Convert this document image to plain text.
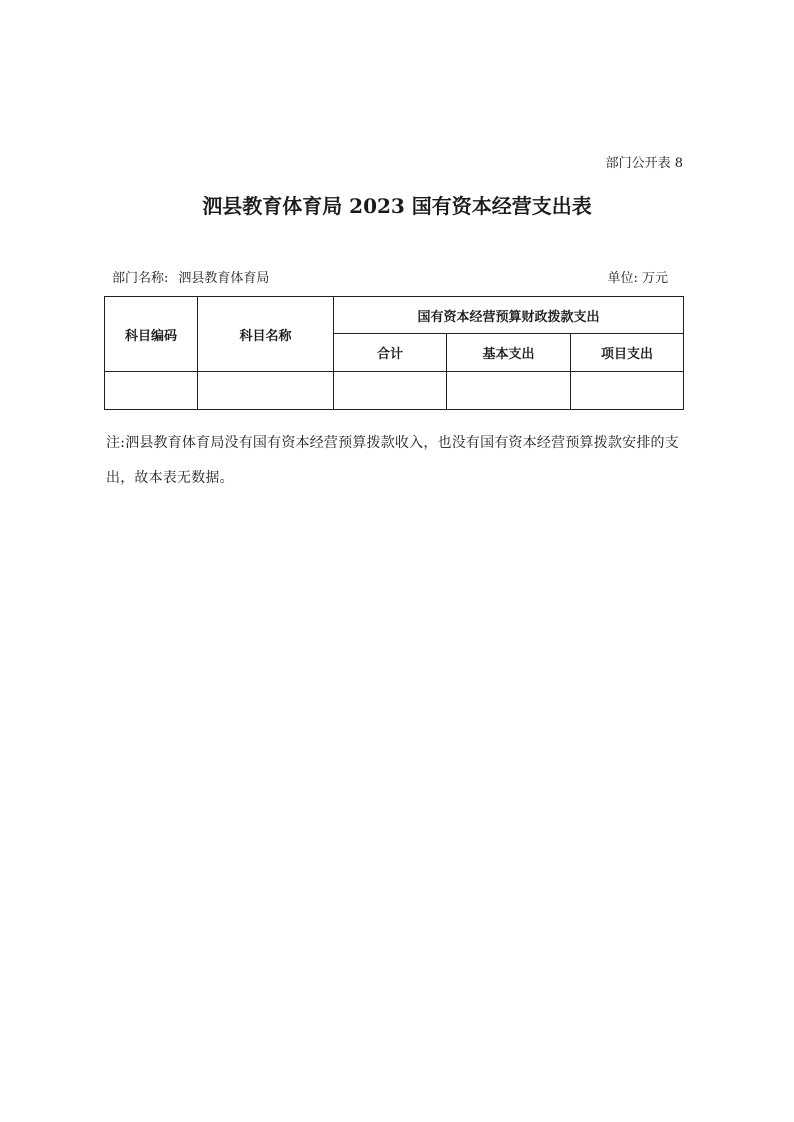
部门公开表 8
泗县教育体育局 2023 国有资本经营支出表
部门名称: 泗县教育体育局	单位: 万元
科目编码	科目名称	国有资本经营预算财政拨款支出		
		合计	基本支出	项目支出

注:泗县教育体育局没有国有资本经营预算拨款收入，也没有国有资本经营预算拨款安排的支出，故本表无数据。
